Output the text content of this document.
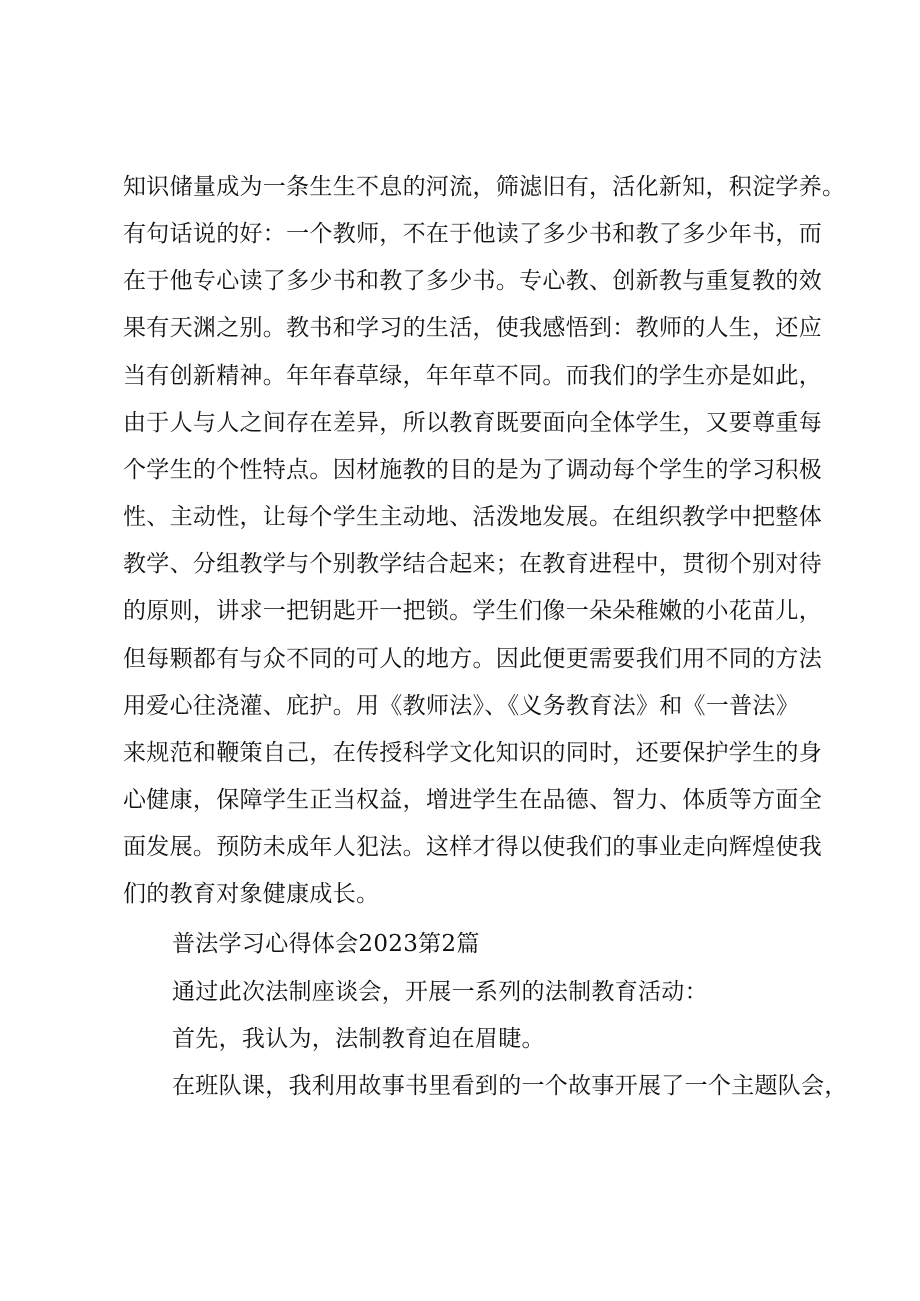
知识储量成为一条生生不息的河流，筛滤旧有，活化新知，积淀学养。
有句话说的好：一个教师，不在于他读了多少书和教了多少年书，而
在于他专心读了多少书和教了多少书。专心教、创新教与重复教的效
果有天渊之别。教书和学习的生活，使我感悟到：教师的人生，还应
当有创新精神。年年春草绿，年年草不同。而我们的学生亦是如此，
由于人与人之间存在差异，所以教育既要面向全体学生，又要尊重每
个学生的个性特点。因材施教的目的是为了调动每个学生的学习积极
性、主动性，让每个学生主动地、活泼地发展。在组织教学中把整体
教学、分组教学与个别教学结合起来；在教育进程中，贯彻个别对待
的原则，讲求一把钥匙开一把锁。学生们像一朵朵稚嫩的小花苗儿，
但每颗都有与众不同的可人的地方。因此便更需要我们用不同的方法
用爱心往浇灌、庇护。用《教师法》、《义务教育法》和《一普法》
来规范和鞭策自己，在传授科学文化知识的同时，还要保护学生的身
心健康，保障学生正当权益，增进学生在品德、智力、体质等方面全
面发展。预防未成年人犯法。这样才得以使我们的事业走向辉煌使我
们的教育对象健康成长。
普法学习心得体会2023第2篇
通过此次法制座谈会，开展一系列的法制教育活动：
首先，我认为，法制教育迫在眉睫。
在班队课，我利用故事书里看到的一个故事开展了一个主题队会，
